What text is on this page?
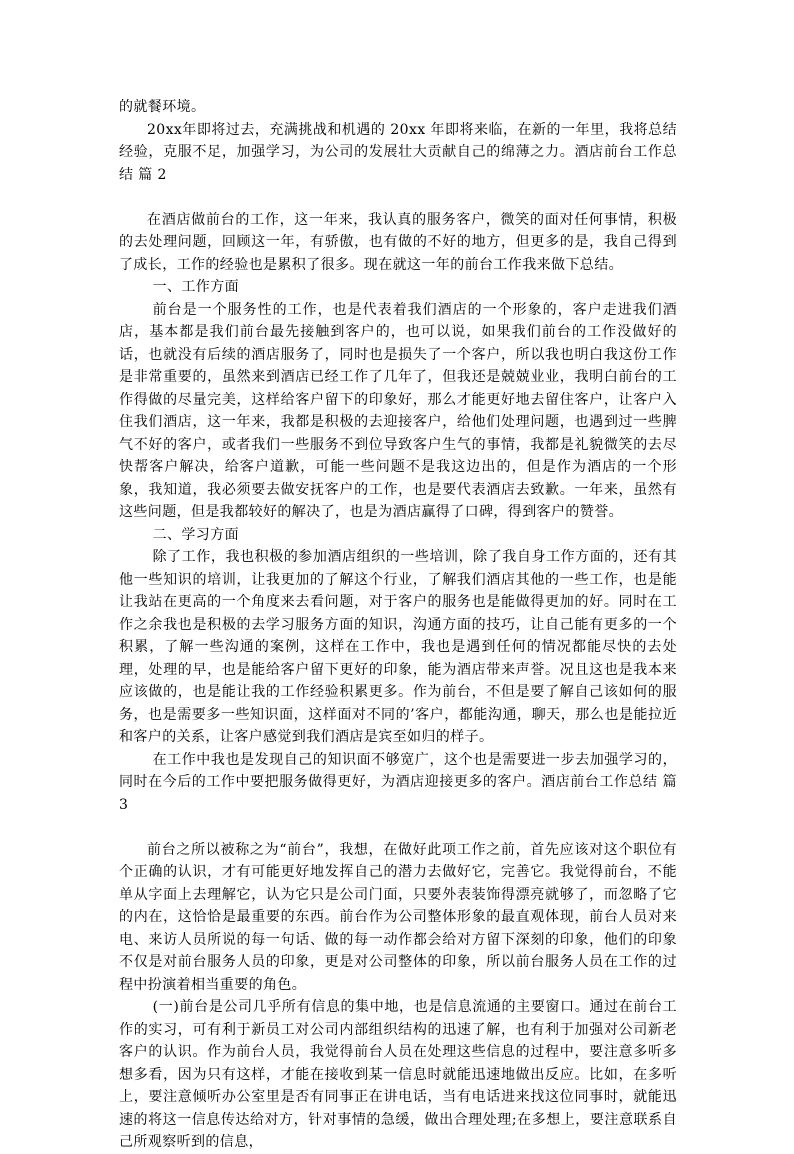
的就餐环境。

20xx年即将过去，充满挑战和机遇的 20xx 年即将来临，在新的一年里，我将总结经验，克服不足，加强学习，为公司的发展壮大贡献自己的绵薄之力。酒店前台工作总结 篇 2

在酒店做前台的工作，这一年来，我认真的服务客户，微笑的面对任何事情，积极的去处理问题，回顾这一年，有骄傲，也有做的不好的地方，但更多的是，我自己得到了成长，工作的经验也是累积了很多。现在就这一年的前台工作我来做下总结。

一、工作方面

前台是一个服务性的工作，也是代表着我们酒店的一个形象的，客户走进我们酒店，基本都是我们前台最先接触到客户的，也可以说，如果我们前台的工作没做好的话，也就没有后续的酒店服务了，同时也是损失了一个客户，所以我也明白我这份工作是非常重要的，虽然来到酒店已经工作了几年了，但我还是兢兢业业，我明白前台的工作得做的尽量完美，这样给客户留下的印象好，那么才能更好地去留住客户，让客户入住我们酒店，这一年来，我都是积极的去迎接客户，给他们处理问题，也遇到过一些脾气不好的客户，或者我们一些服务不到位导致客户生气的事情，我都是礼貌微笑的去尽快帮客户解决，给客户道歉，可能一些问题不是我这边出的，但是作为酒店的一个形象，我知道，我必须要去做安抚客户的工作，也是要代表酒店去致歉。一年来，虽然有这些问题，但是我都较好的解决了，也是为酒店赢得了口碑，得到客户的赞誉。

二、学习方面

除了工作，我也积极的参加酒店组织的一些培训，除了我自身工作方面的，还有其他一些知识的培训，让我更加的了解这个行业，了解我们酒店其他的一些工作，也是能让我站在更高的一个角度来去看问题，对于客户的服务也是能做得更加的好。同时在工作之余我也是积极的去学习服务方面的知识，沟通方面的技巧，让自己能有更多的一个积累，了解一些沟通的案例，这样在工作中，我也是遇到任何的情况都能尽快的去处理，处理的早，也是能给客户留下更好的印象，能为酒店带来声誉。况且这也是我本来应该做的，也是能让我的工作经验积累更多。作为前台，不但是要了解自己该如何的服务，也是需要多一些知识面，这样面对不同的’客户，都能沟通，聊天，那么也是能拉近和客户的关系，让客户感觉到我们酒店是宾至如归的样子。

在工作中我也是发现自己的知识面不够宽广，这个也是需要进一步去加强学习的，同时在今后的工作中要把服务做得更好，为酒店迎接更多的客户。酒店前台工作总结 篇 3

前台之所以被称之为“前台”，我想，在做好此项工作之前，首先应该对这个职位有个正确的认识，才有可能更好地发挥自己的潜力去做好它，完善它。我觉得前台，不能单从字面上去理解它，认为它只是公司门面，只要外表装饰得漂亮就够了，而忽略了它的内在，这恰恰是最重要的东西。前台作为公司整体形象的最直观体现，前台人员对来电、来访人员所说的每一句话、做的每一动作都会给对方留下深刻的印象，他们的印象不仅是对前台服务人员的印象，更是对公司整体的印象，所以前台服务人员在工作的过程中扮演着相当重要的角色。

(一)前台是公司几乎所有信息的集中地，也是信息流通的主要窗口。通过在前台工作的实习，可有利于新员工对公司内部组织结构的迅速了解，也有利于加强对公司新老客户的认识。作为前台人员，我觉得前台人员在处理这些信息的过程中，要注意多听多想多看，因为只有这样，才能在接收到某一信息时就能迅速地做出反应。比如，在多听上，要注意倾听办公室里是否有同事正在讲电话，当有电话进来找这位同事时，就能迅速的将这一信息传达给对方，针对事情的急缓，做出合理处理;在多想上，要注意联系自己所观察听到的信息，
